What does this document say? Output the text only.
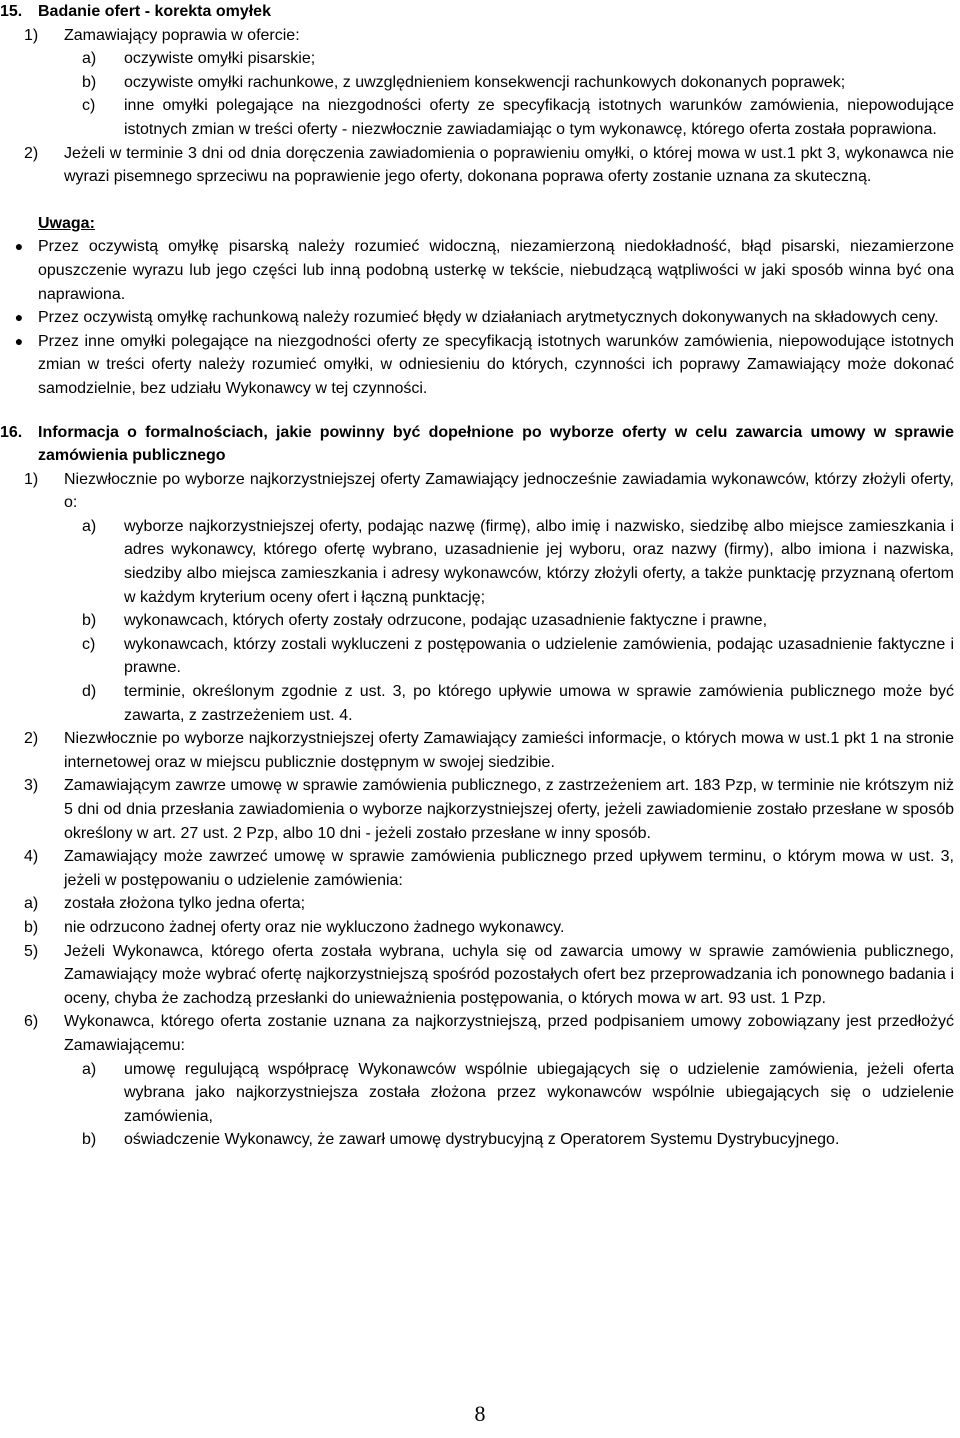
15. Badanie ofert - korekta omyłek
1)	Zamawiający poprawia w ofercie:
a)	oczywiste omyłki pisarskie;
b)	oczywiste omyłki rachunkowe, z uwzględnieniem konsekwencji rachunkowych dokonanych poprawek;
c)	inne omyłki polegające na niezgodności oferty ze specyfikacją istotnych warunków zamówienia, niepowodujące istotnych zmian w treści oferty - niezwłocznie zawiadamiając o tym wykonawcę, którego oferta została poprawiona.
2)	Jeżeli w terminie 3 dni od dnia doręczenia zawiadomienia o poprawieniu omyłki, o której mowa w ust.1 pkt 3, wykonawca nie wyrazi pisemnego sprzeciwu na poprawienie jego oferty, dokonana poprawa oferty zostanie uznana za skuteczną.
Uwaga:
● Przez oczywistą omyłkę pisarską należy rozumieć widoczną, niezamierzoną niedokładność, błąd pisarski, niezamierzone opuszczenie wyrazu lub jego części lub inną podobną usterkę w tekście, niebudzącą wątpliwości w jaki sposób winna być ona naprawiona.
● Przez oczywistą omyłkę rachunkową należy rozumieć błędy w działaniach arytmetycznych dokonywanych na składowych ceny.
● Przez inne omyłki polegające na niezgodności oferty ze specyfikacją istotnych warunków zamówienia, niepowodujące istotnych zmian w treści oferty należy rozumieć omyłki, w odniesieniu do których, czynności ich poprawy Zamawiający może dokonać samodzielnie, bez udziału Wykonawcy w tej czynności.
16. Informacja o formalnościach, jakie powinny być dopełnione po wyborze oferty w celu zawarcia umowy w sprawie zamówienia publicznego
1)	Niezwłocznie po wyborze najkorzystniejszej oferty Zamawiający jednocześnie zawiadamia wykonawców, którzy złożyli oferty, o:
a)	wyborze najkorzystniejszej oferty, podając nazwę (firmę), albo imię i nazwisko, siedzibę albo miejsce zamieszkania i adres wykonawcy, którego ofertę wybrano, uzasadnienie jej wyboru, oraz nazwy (firmy), albo imiona i nazwiska, siedziby albo miejsca zamieszkania i adresy wykonawców, którzy złożyli oferty, a także punktację przyznaną ofertom w każdym kryterium oceny ofert i łączną punktację;
b)	wykonawcach, których oferty zostały odrzucone, podając uzasadnienie faktyczne i prawne,
c)	wykonawcach, którzy zostali wykluczeni z postępowania o udzielenie zamówienia, podając uzasadnienie faktyczne i prawne.
d)	terminie, określonym zgodnie z ust. 3, po którego upływie umowa w sprawie zamówienia publicznego może być zawarta, z zastrzeżeniem ust. 4.
2)	Niezwłocznie po wyborze najkorzystniejszej oferty Zamawiający zamieści informacje, o których mowa w ust.1 pkt 1 na stronie internetowej oraz w miejscu publicznie dostępnym w swojej siedzibie.
3)	Zamawiającym zawrze umowę w sprawie zamówienia publicznego, z zastrzeżeniem art. 183 Pzp, w terminie nie krótszym niż 5 dni od dnia przesłania zawiadomienia o wyborze najkorzystniejszej oferty, jeżeli zawiadomienie zostało przesłane w sposób określony w art. 27 ust. 2 Pzp, albo 10 dni - jeżeli zostało przesłane w inny sposób.
4)	Zamawiający może zawrzeć umowę w sprawie zamówienia publicznego przed upływem terminu, o którym mowa w ust. 3, jeżeli w postępowaniu o udzielenie zamówienia:
a)	została złożona tylko jedna oferta;
b)	nie odrzucono żadnej oferty oraz nie wykluczono żadnego wykonawcy.
5)	Jeżeli Wykonawca, którego oferta została wybrana, uchyla się od zawarcia umowy w sprawie zamówienia publicznego, Zamawiający może wybrać ofertę najkorzystniejszą spośród pozostałych ofert bez przeprowadzania ich ponownego badania i oceny, chyba że zachodzą przesłanki do unieważnienia postępowania, o których mowa w art. 93 ust. 1 Pzp.
6)	Wykonawca, którego oferta zostanie uznana za najkorzystniejszą, przed podpisaniem umowy zobowiązany jest przedłożyć Zamawiającemu:
a)	umowę regulującą współpracę Wykonawców wspólnie ubiegających się o udzielenie zamówienia, jeżeli oferta wybrana jako najkorzystniejsza została złożona przez wykonawców wspólnie ubiegających się o udzielenie zamówienia,
b)	oświadczenie Wykonawcy, że zawarł umowę dystrybucyjną z Operatorem Systemu Dystrybucyjnego.
8
